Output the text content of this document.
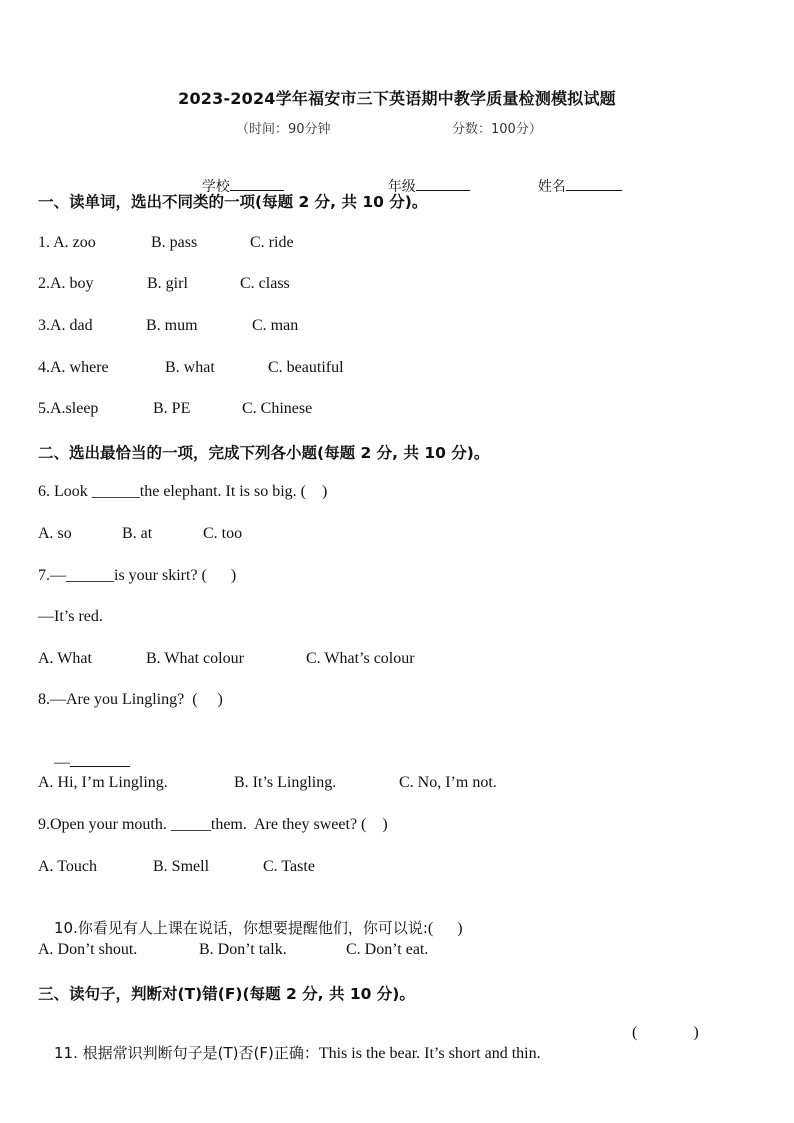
2023-2024学年福安市三下英语期中教学质量检测模拟试题
（时间：90分钟	分数：100分）

学校
	年级
	姓名

一、读单词，选出不同类的一项(每题 2 分, 共 10 分)。
1. A. zoo	B. pass	C. ride
2.A. boy	B. girl	C. class
3.A. dad	B. mum	C. man
4.A. where	B. what	C. beautiful
5.A.sleep	B. PE	C. Chinese
二、选出最恰当的一项，完成下列各小题(每题 2 分, 共 10 分)。
6. Look ______the elephant. It is so big. (    )
A. so	B. at	C. too
7.—______is your skirt? (      )
—It’s red.
A. What	B. What colour	C. What’s colour
8.—Are you Lingling?  (     )

—

A. Hi, I’m Lingling.	B. It’s Lingling.	C. No, I’m not.
9.Open your mouth. _____them.  Are they sweet? (    )
A. Touch	B. Smell	C. Taste

10.你看见有人上课在说话，你想要提醒他们，你可以说:(      )

A. Don’t shout.	B. Don’t talk.	C. Don’t eat.
三、读句子，判断对(T)错(F)(每题 2 分, 共 10 分)。

11. 根据常识判断句子是(T)否(F)正确：This is the bear. It’s short and thin.

(              )
